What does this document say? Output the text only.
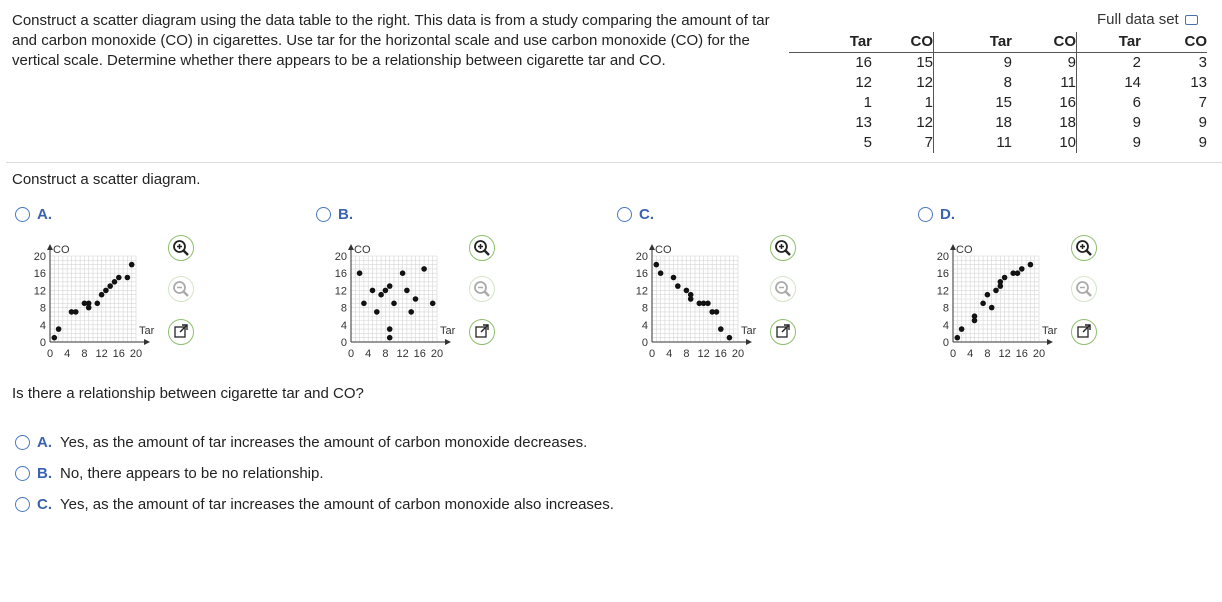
Construct a scatter diagram using the data table to the right. This data is from a study comparing the amount of tar and carbon monoxide (CO) in cigarettes. Use tar for the horizontal scale and use carbon monoxide (CO) for the vertical scale. Determine whether there appears to be a relationship between cigarette tar and CO.
Full data set
Tar	CO	Tar	CO	Tar	CO
16	15	9	9	2	3
12	12	8	11	14	13
1	1	15	16	6	7
13	12	18	18	9	9
5	7	11	10	9	9
Construct a scatter diagram.
A.
CO
Tar
20
16
12
8
4
0
0 4 8 12 16 20
B.
CO
Tar
20
16
12
8
4
0
0 4 8 12 16 20
C.
CO
Tar
20
16
12
8
4
0
0 4 8 12 16 20
D.
CO
Tar
20
16
12
8
4
0
0 4 8 12 16 20
Is there a relationship between cigarette tar and CO?
A. Yes, as the amount of tar increases the amount of carbon monoxide decreases.
B. No, there appears to be no relationship.
C. Yes, as the amount of tar increases the amount of carbon monoxide also increases.
